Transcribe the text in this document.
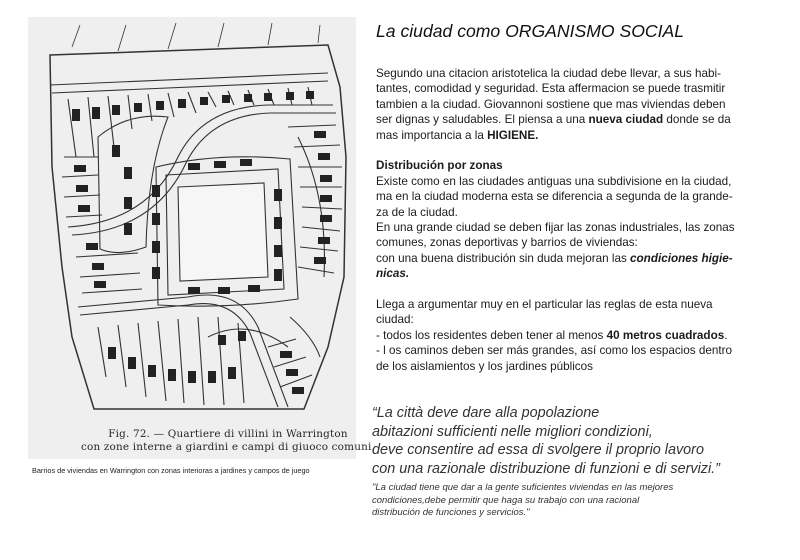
Fig. 72. — Quartiere di villini in Warrington
con zone interne a giardini e campi di giuoco comuni.
Barrios de viviendas en Warrington con zonas interioras a jardines y campos de juego
La ciudad como ORGANISMO SOCIAL

Segundo una citacion aristotelica la ciudad debe llevar, a sus habi-

tantes, comodidad y seguridad. Esta affermacion se puede trasmitir

tambien a la ciudad. Giovannoni sostiene que mas viviendas deben

ser dignas y saludables. El piensa a una nueva ciudad donde se da

mas importancia a la HIGIENE.

Distribución por zonas

Existe como en las ciudades antiguas una subdivisione en la ciudad,

ma en la ciudad moderna esta se diferencia a segunda de la grande-

za de la ciudad.

En una grande ciudad se deben fijar las zonas industriales, las zonas

comunes, zonas deportivas y barrios de viviendas:

con una buena distribución sin duda mejoran las condiciones higie-

nicas.

Llega a argumentar muy en el particular las reglas de esta nueva

ciudad:

- todos los residentes deben tener al menos 40 metros cuadrados.

- l os caminos deben ser más grandes, así como los espacios dentro

de los aislamientos y los jardines públicos

“La città deve dare alla popolazione

abitazioni sufficienti nelle migliori condizioni,

deve consentire ad essa di svolgere il proprio lavoro

con una razionale distribuzione di funzioni e di servizi.”

"La ciudad tiene que dar a la gente suficientes viviendas en las mejores

condiciones,debe permitir que haga su trabajo con una racional

distribución de funciones y servicios."
